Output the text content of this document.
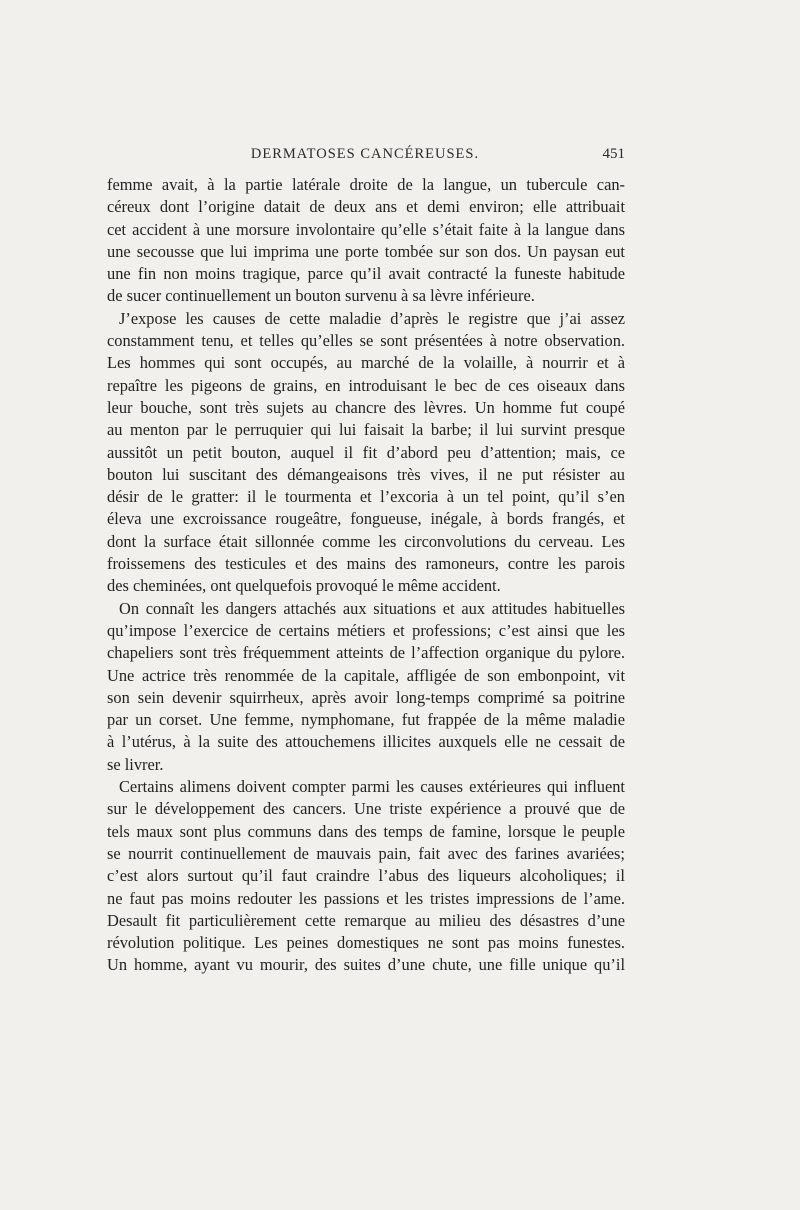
DERMATOSES CANCÉREUSES.	451
femme avait, à la partie latérale droite de la langue, un tubercule can-
céreux dont l’origine datait de deux ans et demi environ; elle attribuait
cet accident à une morsure involontaire qu’elle s’était faite à la langue dans
une secousse que lui imprima une porte tombée sur son dos. Un paysan eut
une fin non moins tragique, parce qu’il avait contracté la funeste habitude
de sucer continuellement un bouton survenu à sa lèvre inférieure.
J’expose les causes de cette maladie d’après le registre que j’ai assez
constamment tenu, et telles qu’elles se sont présentées à notre observation.
Les hommes qui sont occupés, au marché de la volaille, à nourrir et à
repaître les pigeons de grains, en introduisant le bec de ces oiseaux dans
leur bouche, sont très sujets au chancre des lèvres. Un homme fut coupé
au menton par le perruquier qui lui faisait la barbe; il lui survint presque
aussitôt un petit bouton, auquel il fit d’abord peu d’attention; mais, ce
bouton lui suscitant des démangeaisons très vives, il ne put résister au
désir de le gratter: il le tourmenta et l’excoria à un tel point, qu’il s’en
éleva une excroissance rougeâtre, fongueuse, inégale, à bords frangés, et
dont la surface était sillonnée comme les circonvolutions du cerveau. Les
froissemens des testicules et des mains des ramoneurs, contre les parois
des cheminées, ont quelquefois provoqué le même accident.
On connaît les dangers attachés aux situations et aux attitudes habituelles
qu’impose l’exercice de certains métiers et professions; c’est ainsi que les
chapeliers sont très fréquemment atteints de l’affection organique du pylore.
Une actrice très renommée de la capitale, affligée de son embonpoint, vit
son sein devenir squirrheux, après avoir long-temps comprimé sa poitrine
par un corset. Une femme, nymphomane, fut frappée de la même maladie
à l’utérus, à la suite des attouchemens illicites auxquels elle ne cessait de
se livrer.
Certains alimens doivent compter parmi les causes extérieures qui influent
sur le développement des cancers. Une triste expérience a prouvé que de
tels maux sont plus communs dans des temps de famine, lorsque le peuple
se nourrit continuellement de mauvais pain, fait avec des farines avariées;
c’est alors surtout qu’il faut craindre l’abus des liqueurs alcoholiques; il
ne faut pas moins redouter les passions et les tristes impressions de l’ame.
Desault fit particulièrement cette remarque au milieu des désastres d’une
révolution politique. Les peines domestiques ne sont pas moins funestes.
Un homme, ayant vu mourir, des suites d’une chute, une fille unique qu’il
